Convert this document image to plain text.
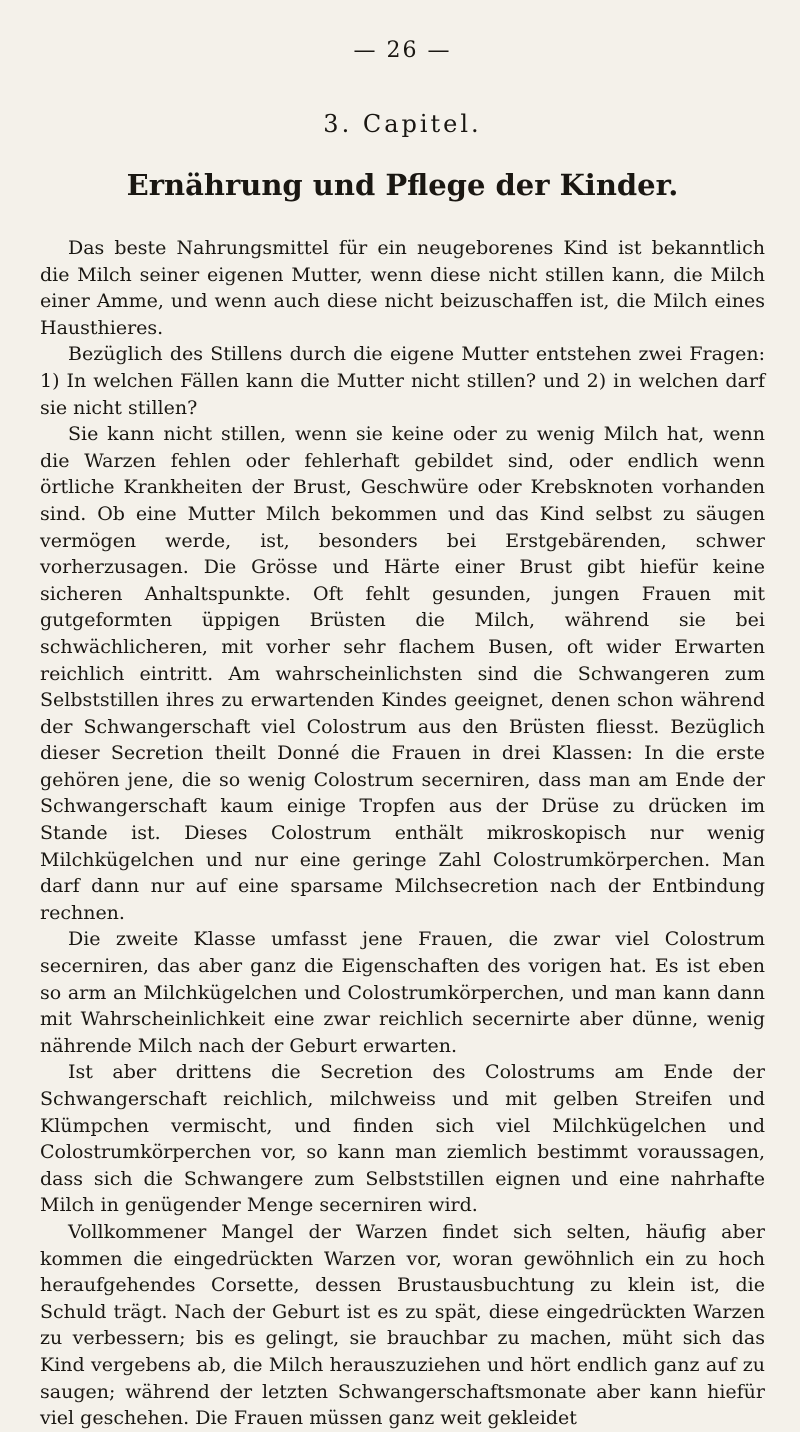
— 26 —
3. Capitel.
Ernährung und Pflege der Kinder.

Das beste Nahrungsmittel für ein neugeborenes Kind ist bekanntlich die Milch seiner eigenen Mutter, wenn diese nicht stillen kann, die Milch einer Amme, und wenn auch diese nicht beizuschaffen ist, die Milch eines Hausthieres.

Bezüglich des Stillens durch die eigene Mutter entstehen zwei Fragen: 1) In welchen Fällen kann die Mutter nicht stillen? und 2) in welchen darf sie nicht stillen?

Sie kann nicht stillen, wenn sie keine oder zu wenig Milch hat, wenn die Warzen fehlen oder fehlerhaft gebildet sind, oder endlich wenn örtliche Krankheiten der Brust, Geschwüre oder Krebsknoten vorhanden sind. Ob eine Mutter Milch bekommen und das Kind selbst zu säugen vermögen werde, ist, besonders bei Erstgebärenden, schwer vorherzusagen. Die Grösse und Härte einer Brust gibt hiefür keine sicheren Anhaltspunkte. Oft fehlt gesunden, jungen Frauen mit gutgeformten üppigen Brüsten die Milch, während sie bei schwächlicheren, mit vorher sehr flachem Busen, oft wider Erwarten reichlich eintritt. Am wahrscheinlichsten sind die Schwangeren zum Selbststillen ihres zu erwartenden Kindes geeignet, denen schon während der Schwangerschaft viel Colostrum aus den Brüsten fliesst. Bezüglich dieser Secretion theilt Donné die Frauen in drei Klassen: In die erste gehören jene, die so wenig Colostrum secerniren, dass man am Ende der Schwangerschaft kaum einige Tropfen aus der Drüse zu drücken im Stande ist. Dieses Colostrum enthält mikroskopisch nur wenig Milchkügelchen und nur eine geringe Zahl Colostrumkörperchen. Man darf dann nur auf eine sparsame Milchsecretion nach der Entbindung rechnen.

Die zweite Klasse umfasst jene Frauen, die zwar viel Colostrum secerniren, das aber ganz die Eigenschaften des vorigen hat. Es ist eben so arm an Milchkügelchen und Colostrumkörperchen, und man kann dann mit Wahrscheinlichkeit eine zwar reichlich secernirte aber dünne, wenig nährende Milch nach der Geburt erwarten.

Ist aber drittens die Secretion des Colostrums am Ende der Schwangerschaft reichlich, milchweiss und mit gelben Streifen und Klümpchen vermischt, und finden sich viel Milchkügelchen und Colostrumkörperchen vor, so kann man ziemlich bestimmt voraussagen, dass sich die Schwangere zum Selbststillen eignen und eine nahrhafte Milch in genügender Menge secerniren wird.

Vollkommener Mangel der Warzen findet sich selten, häufig aber kommen die eingedrückten Warzen vor, woran gewöhnlich ein zu hoch heraufgehendes Corsette, dessen Brustausbuchtung zu klein ist, die Schuld trägt. Nach der Geburt ist es zu spät, diese eingedrückten Warzen zu verbessern; bis es gelingt, sie brauchbar zu machen, müht sich das Kind vergebens ab, die Milch herauszuziehen und hört endlich ganz auf zu saugen; während der letzten Schwangerschaftsmonate aber kann hiefür viel geschehen. Die Frauen müssen ganz weit gekleidet
